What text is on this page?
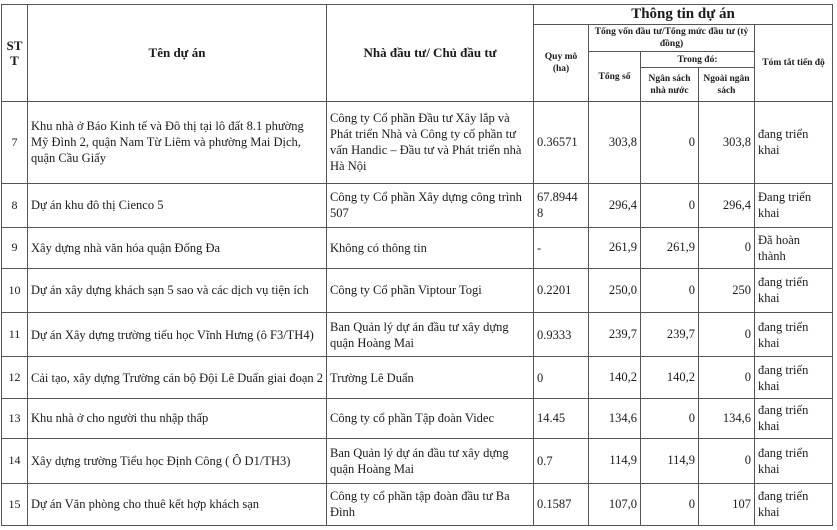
ST T	Tên dự án	Nhà đầu tư/ Chủ đầu tư	Thông tin dự án				
			Quy mô (ha)	Tổng vốn đầu tư/Tổng mức đầu tư (tỷ đồng)			Tóm tắt tiến độ
				Tổng số	Trong đó:		
					Ngân sách nhà nước	Ngoài ngân sách	
7	Khu nhà ở Báo Kinh tế và Đô thị tại lô đất 8.1 phường Mỹ Đình 2, quận Nam Từ Liêm và phường Mai Dịch, quận Cầu Giấy	Công ty Cổ phần Đầu tư Xây lắp và Phát triển Nhà và Công ty cổ phần tư vấn Handic – Đầu tư và Phát triển nhà Hà Nội	0.36571	303,8	0	303,8	đang triển khai
8	Dự án khu đô thị Cienco 5	Công ty Cổ phần Xây dựng công trình 507	67.8944 8	296,4	0	296,4	Đang triển khai
9	Xây dựng nhà văn hóa quận Đống Đa	Không có thông tin	-	261,9	261,9	0	Đã hoàn thành
10	Dự án xây dựng khách sạn 5 sao và các dịch vụ tiện ích	Công ty Cổ phần Viptour Togi	0.2201	250,0	0	250	đang triển khai
11	Dự án Xây dựng trường tiểu học Vĩnh Hưng (ô F3/TH4)	Ban Quản lý dự án đầu tư xây dựng quận Hoàng Mai	0.9333	239,7	239,7	0	đang triển khai
12	Cải tạo, xây dựng Trường cán bộ Đội Lê Duẩn giai đoạn 2	Trường Lê Duẩn	0	140,2	140,2	0	đang triển khai
13	Khu nhà ở cho người thu nhập thấp	Công ty cổ phần Tập đoàn Videc	14.45	134,6	0	134,6	đang triển khai
14	Xây dựng trường Tiểu học Định Công ( Ô D1/TH3)	Ban Quản lý dự án đầu tư xây dựng quận Hoàng Mai	0.7	114,9	114,9	0	đang triển khai
15	Dự án Văn phòng cho thuê kết hợp khách sạn	Công ty cổ phần tập đoàn đầu tư Ba Đình	0.1587	107,0	0	107	đang triển khai
